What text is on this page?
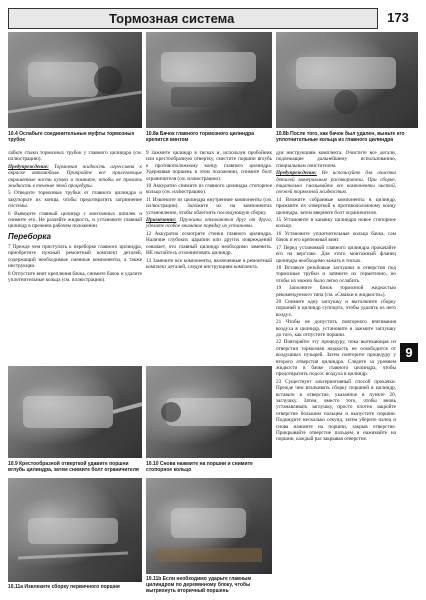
Тормозная система	173
10.4 Ослабьте соединительные муфты тормозных трубок
10.8а Бачок главного тормозного цилиндра крепится винтом
10.8b После того, как бачок был удален, выньте его уплотнительные кольца из главного цилиндра

лабьте стыки тормозных трубок у главного цилиндра (см. иллюстрацию).

Предупреждение: Тормозная жидкость агрессивна к окраске автомобиля. Прикройте все прилегающие окрашенные части кузова и помните, чтобы не пролить жидкость в течение этой процедуры.

5 Отведите тормозные трубки от главного цилиндра и закупорьте их концы, чтобы предотвратить загрязнение системы.

6 Выведите главный цилиндр с монтажных шпилек и снимите его. Не разлейте жидкость, и установите главный цилиндр в прежнем рабочем положении.

Переборка

7 Прежде чем приступать к переборке главного цилиндра, приобретите нужный ремонтный комплект деталей, содержащий необходимые сменные компоненты, а также инструкции.

8 Отпустите винт крепления бачка, снимите бачок и удалите уплотнительные кольца (см. иллюстрацию).

9 Зажмите цилиндр в тисках и, используя пробойник или крестообразную отвертку, сместите поршни вглубь к противоположному концу главного цилиндра. Удерживая поршень в этом положении, снимите болт ограничителя (см. иллюстрацию).

10 Аккуратно снимите из главного цилиндра стопорное кольцо (см. иллюстрацию).

11 Извлеките из цилиндра внутренние компоненты (см. иллюстрации). Заложите их на компонентах установленно, чтобы облегчить последующую сборку.

Примечание: Пружины отличаются друг от друга, уделите особое внимание порядку их установки.

12 Аккуратно осмотрите стенки главного цилиндра. Наличие глубоких царапин или других повреждений означает, что главный цилиндр необходимо заменить. НЕ пытайтесь отхонинговать цилиндр.

13 Замените все компоненты, включенные в ремонтный комплект деталей, следуя инструкциям комплекта.

дуя инструкциям комплекта. Очистите все детали, подлежащие дальнейшему использованию, специальным очистителем.

Предупреждение: Не используйте для очистки деталей минеральные растворители. При сборке, тщательно смазывайте все компоненты чистой, свежей тормозной жидкостью.

14 Вложите собранные компоненты в цилиндр, прижмите их отверткой к противоположному концу цилиндра, затем вверните болт ограничителя.

15 Установите в канавку цилиндра новое стопорное кольцо.

16 Установите уплотнительные кольца бачка, сам бачок и его крепежный винт.

17 Перед установкой главного цилиндра прокачайте его на верстаке. Для этого монтажный фланец цилиндра необходимо зажать в тисках.

18 Вставьте резьбовые заглушки в отверстия под тормозные трубки и затяните их герметично, но чтобы их можно было легко ослабить.

19 Заполните бачок тормозной жидкостью рекомендуемого типа (см. «Смазки и жидкости»).

20 Снимите одну заглушку и вытолкните сборку поршней в цилиндр суппорта, чтобы удалить из него воздух.

21 Чтобы не допустить повторного втягивания воздуха в цилиндр, установите и зажмите заглушку до того, как отпустите поршни.

22 Повторяйте эту процедуру, пока вытекающая из отверстия тормозная жидкость не освободится от воздушных пузырей. Затем повторите процедуру у второго отверстия цилиндра. Следите за уровнем жидкости в бачке главного цилиндра, чтобы предотвратить подсос воздуха в цилиндр.

23 Существует альтернативный способ прокачки. Прежде чем вталкивать сборку поршней в цилиндр, вставьте в отверстие, указанное в пункте 20, заглушку. Затем, вместо того, чтобы вновь устанавливать заглушку, просто плотно закройте отверстие большим пальцем и выпустите поршни. Подождите несколько секунд, затем уберите палец и снова нажмите на поршни, закрыв отверстие. Прикрывайте отверстие пальцем и нажимайте на поршни, каждый раз закрывая отверстие.

9
10.9 Крестообразной отверткой удавите поршни вглубь цилиндра, затем снимите болт ограничителя
10.10 Снова нажмите на поршни и снимите стопорное кольцо
10.11а Извлеките сборку первичного поршня
10.11b Если необходимо ударьте главным цилиндром по деревянному блоку, чтобы вытряхнуть вторичный поршень
